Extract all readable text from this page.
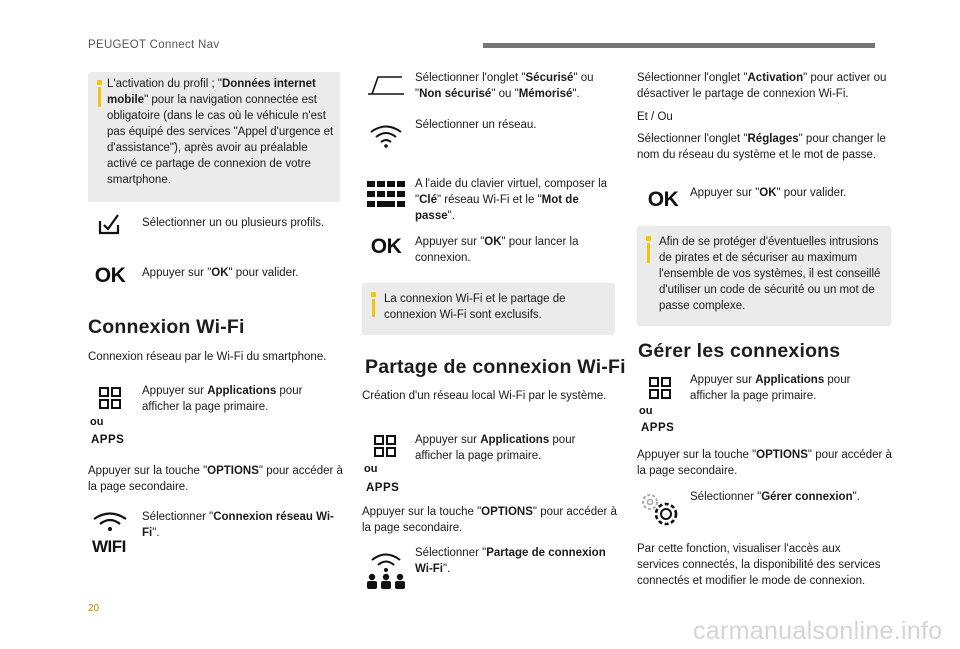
PEUGEOT Connect Nav
L'activation du profil ; "Données internet mobile" pour la navigation connectée est obligatoire (dans le cas où le véhicule n'est pas équipé des services "Appel d'urgence et d'assistance"), après avoir au préalable activé ce partage de connexion de votre smartphone.
Sélectionner un ou plusieurs profils.
OK	Appuyer sur "OK" pour valider.
Connexion Wi-Fi
Connexion réseau par le Wi-Fi du smartphone.
ou
APPS
Appuyer sur Applications pour afficher la page primaire.
Appuyer sur la touche "OPTIONS" pour accéder à la page secondaire.
WIFI
Sélectionner "Connexion réseau Wi-Fi".
Sélectionner l'onglet "Sécurisé" ou "Non sécurisé" ou "Mémorisé".
Sélectionner un réseau.
A l'aide du clavier virtuel, composer la "Clé" réseau Wi-Fi et le "Mot de passe".
OK	Appuyer sur "OK" pour lancer la connexion.
La connexion Wi-Fi et le partage de connexion Wi-Fi sont exclusifs.
Partage de connexion Wi-Fi
Création d'un réseau local Wi-Fi par le système.
ou
APPS
Appuyer sur Applications pour afficher la page primaire.
Appuyer sur la touche "OPTIONS" pour accéder à la page secondaire.
Sélectionner "Partage de connexion Wi-Fi".
Sélectionner l'onglet "Activation" pour activer ou désactiver le partage de connexion Wi-Fi.
Et / Ou
Sélectionner l'onglet "Réglages" pour changer le nom du réseau du système et le mot de passe.
OK	Appuyer sur "OK" pour valider.
Afin de se protéger d'éventuelles intrusions de pirates et de sécuriser au maximum l'ensemble de vos systèmes, il est conseillé d'utiliser un code de sécurité ou un mot de passe complexe.
Gérer les connexions
ou
APPS
Appuyer sur Applications pour afficher la page primaire.
Appuyer sur la touche "OPTIONS" pour accéder à la page secondaire.
Sélectionner "Gérer connexion".
Par cette fonction, visualiser l'accès aux services connectés, la disponibilité des services connectés et modifier le mode de connexion.
20
carmanualsonline.info
